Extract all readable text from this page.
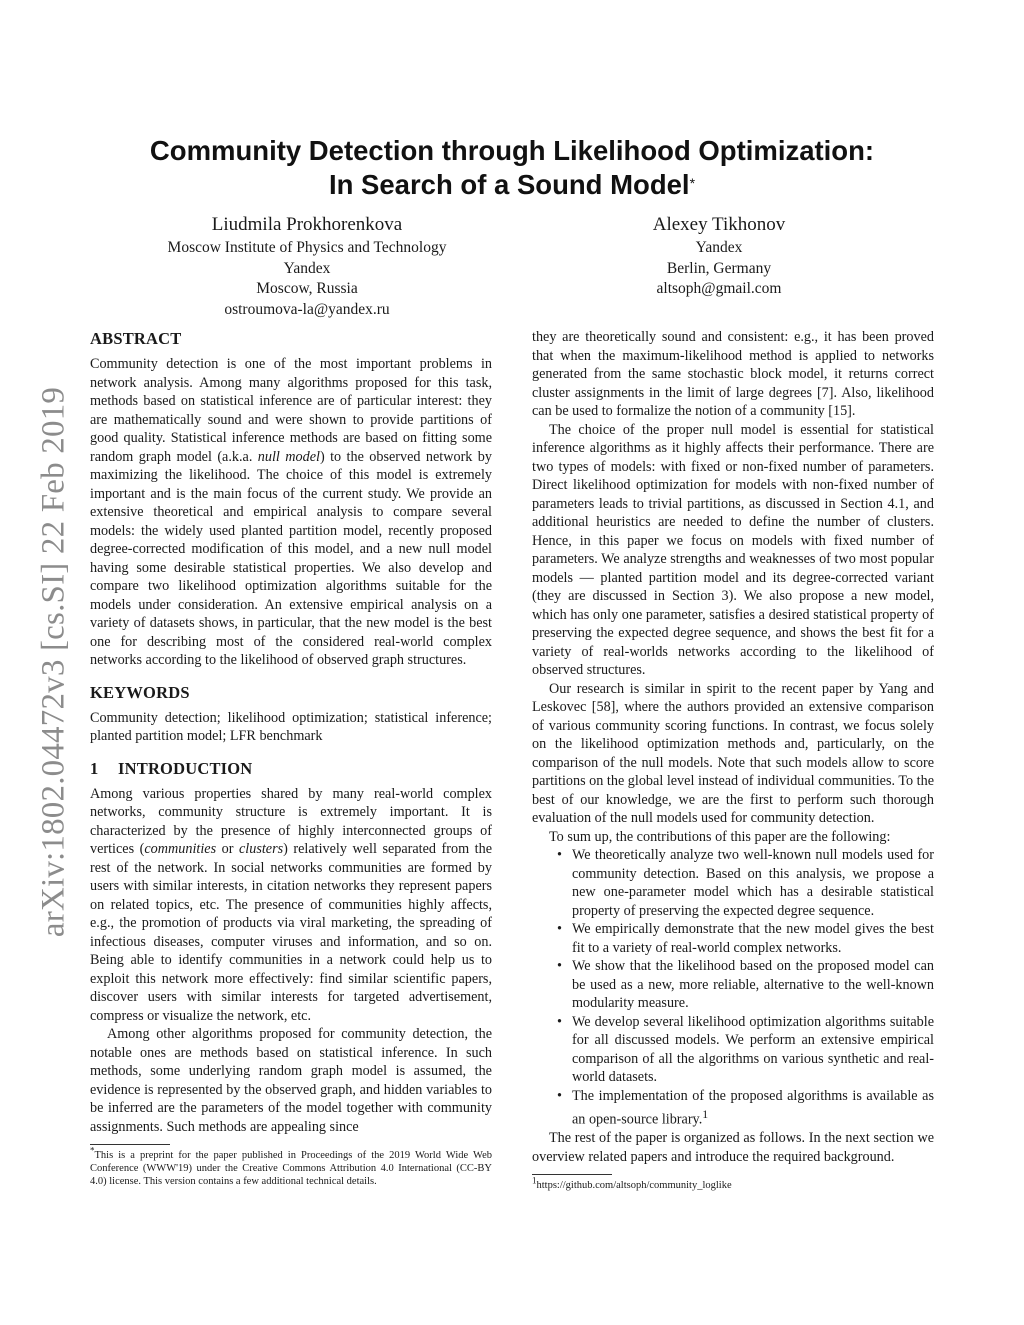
arXiv:1802.04472v3 [cs.SI] 22 Feb 2019
Community Detection through Likelihood Optimization:
In Search of a Sound Model*
Liudmila Prokhorenkova
Moscow Institute of Physics and Technology
Yandex
Moscow, Russia
ostroumova-la@yandex.ru
Alexey Tikhonov
Yandex
Berlin, Germany
altsoph@gmail.com
ABSTRACT

Community detection is one of the most important problems in network analysis. Among many algorithms proposed for this task, methods based on statistical inference are of particular interest: they are mathematically sound and were shown to provide partitions of good quality. Statistical inference methods are based on fitting some random graph model (a.k.a. null model) to the observed network by maximizing the likelihood. The choice of this model is extremely important and is the main focus of the current study. We provide an extensive theoretical and empirical analysis to compare several models: the widely used planted partition model, recently proposed degree-corrected modification of this model, and a new null model having some desirable statistical properties. We also develop and compare two likelihood optimization algorithms suitable for the models under consideration. An extensive empirical analysis on a variety of datasets shows, in particular, that the new model is the best one for describing most of the considered real-world complex networks according to the likelihood of observed graph structures.

KEYWORDS

Community detection; likelihood optimization; statistical inference; planted partition model; LFR benchmark

1 INTRODUCTION

Among various properties shared by many real-world complex networks, community structure is extremely important. It is characterized by the presence of highly interconnected groups of vertices (communities or clusters) relatively well separated from the rest of the network. In social networks communities are formed by users with similar interests, in citation networks they represent papers on related topics, etc. The presence of communities highly affects, e.g., the promotion of products via viral marketing, the spreading of infectious diseases, computer viruses and information, and so on. Being able to identify communities in a network could help us to exploit this network more effectively: find similar scientific papers, discover users with similar interests for targeted advertisement, compress or visualize the network, etc.

Among other algorithms proposed for community detection, the notable ones are methods based on statistical inference. In such methods, some underlying random graph model is assumed, the evidence is represented by the observed graph, and hidden variables to be inferred are the parameters of the model together with community assignments. Such methods are appealing since

*This is a preprint for the paper published in Proceedings of the 2019 World Wide Web Conference (WWW'19) under the Creative Commons Attribution 4.0 International (CC-BY 4.0) license. This version contains a few additional technical details.

they are theoretically sound and consistent: e.g., it has been proved that when the maximum-likelihood method is applied to networks generated from the same stochastic block model, it returns correct cluster assignments in the limit of large degrees [7]. Also, likelihood can be used to formalize the notion of a community [15].

The choice of the proper null model is essential for statistical inference algorithms as it highly affects their performance. There are two types of models: with fixed or non-fixed number of parameters. Direct likelihood optimization for models with non-fixed number of parameters leads to trivial partitions, as discussed in Section 4.1, and additional heuristics are needed to define the number of clusters. Hence, in this paper we focus on models with fixed number of parameters. We analyze strengths and weaknesses of two most popular models — planted partition model and its degree-corrected variant (they are discussed in Section 3). We also propose a new model, which has only one parameter, satisfies a desired statistical property of preserving the expected degree sequence, and shows the best fit for a variety of real-worlds networks according to the likelihood of observed structures.

Our research is similar in spirit to the recent paper by Yang and Leskovec [58], where the authors provided an extensive comparison of various community scoring functions. In contrast, we focus solely on the likelihood optimization methods and, particularly, on the comparison of the null models. Note that such models allow to score partitions on the global level instead of individual communities. To the best of our knowledge, we are the first to perform such thorough evaluation of the null models used for community detection.

To sum up, the contributions of this paper are the following:

• We theoretically analyze two well-known null models used for community detection. Based on this analysis, we propose a new one-parameter model which has a desirable statistical property of preserving the expected degree sequence.
• We empirically demonstrate that the new model gives the best fit to a variety of real-world complex networks.
• We show that the likelihood based on the proposed model can be used as a new, more reliable, alternative to the well-known modularity measure.
• We develop several likelihood optimization algorithms suitable for all discussed models. We perform an extensive empirical comparison of all the algorithms on various synthetic and real-world datasets.
• The implementation of the proposed algorithms is available as an open-source library.$^1$

The rest of the paper is organized as follows. In the next section we overview related papers and introduce the required background.

$^1$https://github.com/altsoph/community_loglike
